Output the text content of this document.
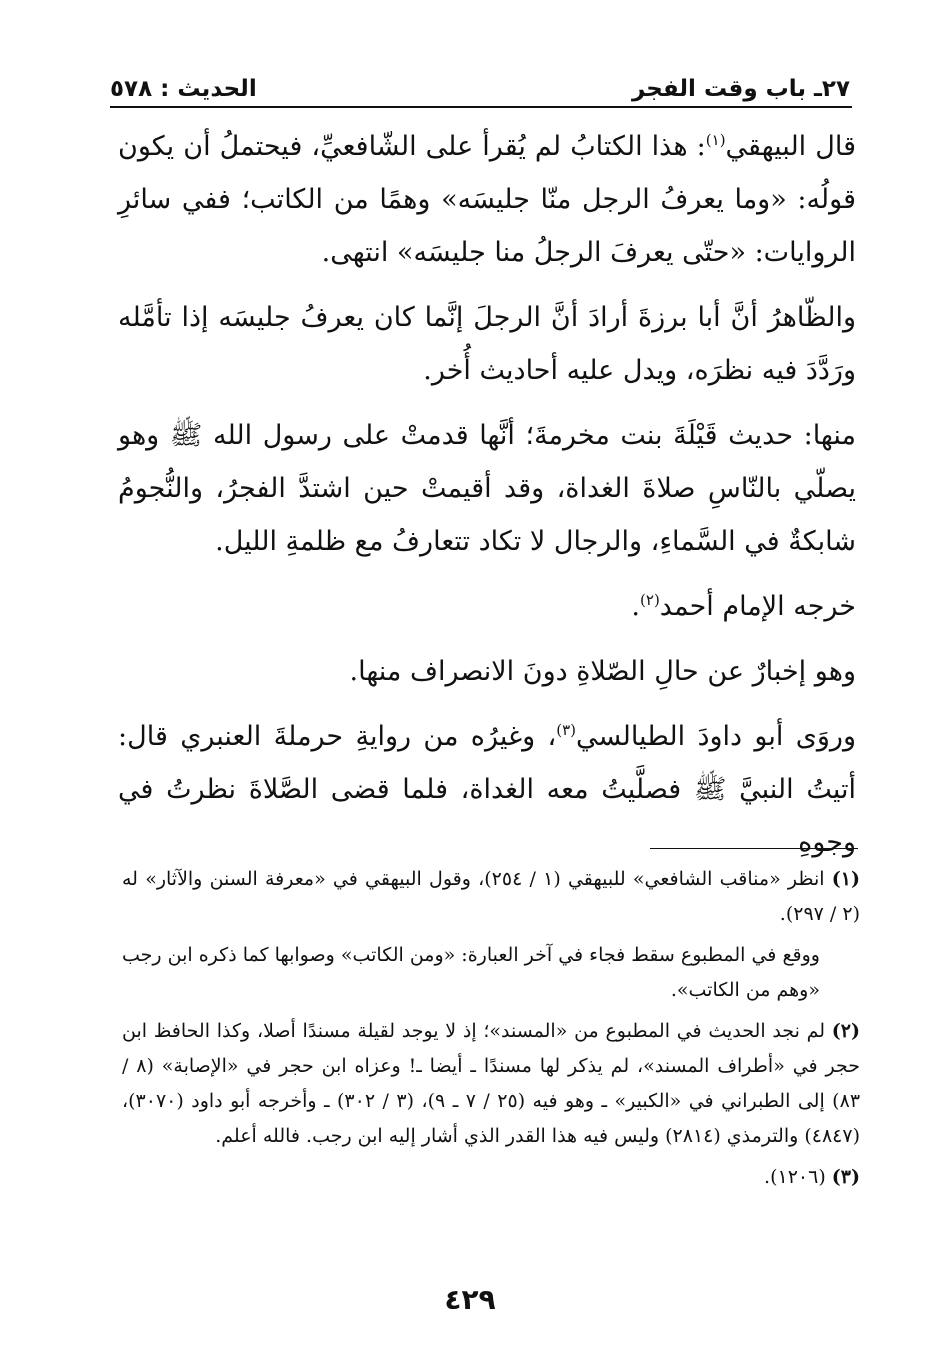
٢٧ـ باب وقت الفجر
الحديث : ٥٧٨

قال البيهقي$^{(١)}$: هذا الكتابُ لم يُقرأ على الشّافعيِّ، فيحتملُ أن يكون قولُه: «وما يعرفُ الرجل منّا جليسَه» وهمًا من الكاتب؛ ففي سائرِ الروايات: «حتّى يعرفَ الرجلُ منا جليسَه» انتهى.

والظّاهرُ أنَّ أبا برزةَ أرادَ أنَّ الرجلَ إنَّما كان يعرفُ جليسَه إذا تأمَّله ورَدَّدَ فيه نظرَه، ويدل عليه أحاديث أُخر.

منها: حديث قَيْلَةَ بنت مخرمةَ؛ أنَّها قدمتْ على رسول الله ﷺ وهو يصلّي بالنّاسِ صلاةَ الغداة، وقد أقيمتْ حين اشتدَّ الفجرُ، والنُّجومُ شابكةٌ في السَّماءِ، والرجال لا تكاد تتعارفُ مع ظلمةِ الليل.

خرجه الإمام أحمد$^{(٢)}$.

وهو إخبارٌ عن حالِ الصّلاةِ دونَ الانصراف منها.

وروَى أبو داودَ الطيالسي$^{(٣)}$، وغيرُه من روايةِ حرملةَ العنبري قال: أتيتُ النبيَّ ﷺ فصلَّيتُ معه الغداة، فلما قضى الصَّلاةَ نظرتُ في وجوهِ

(١) انظر «مناقب الشافعي» للبيهقي (١ / ٢٥٤)، وقول البيهقي في «معرفة السنن والآثار» له (٢ / ٢٩٧).

ووقع في المطبوع سقط فجاء في آخر العبارة: «ومن الكاتب» وصوابها كما ذكره ابن رجب «وهم من الكاتب».

(٢) لم نجد الحديث في المطبوع من «المسند»؛ إذ لا يوجد لقيلة مسندًا أصلا، وكذا الحافظ ابن حجر في «أطراف المسند»، لم يذكر لها مسندًا ـ أيضا ـ! وعزاه ابن حجر في «الإصابة» (٨ / ٨٣) إلى الطبراني في «الكبير» ـ وهو فيه (٢٥ / ٧ ـ ٩)، (٣ / ٣٠٢) ـ وأخرجه أبو داود (٣٠٧٠)، (٤٨٤٧) والترمذي (٢٨١٤) وليس فيه هذا القدر الذي أشار إليه ابن رجب. فالله أعلم.

(٣) (١٢٠٦).

٤٢٩
